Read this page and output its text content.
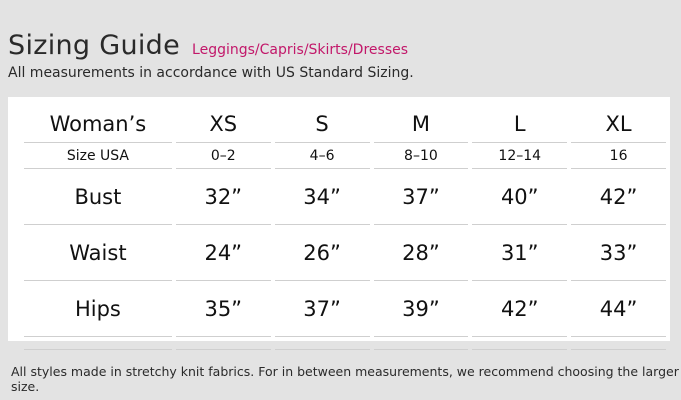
Sizing Guide Leggings/Capris/Skirts/Dresses
All measurements in accordance with US Standard Sizing.
Woman’s	XS	S	M	L	XL
Size USA	0–2	4–6	8–10	12–14	16
Bust	32”	34”	37”	40”	42”
Waist	24”	26”	28”	31”	33”
Hips	35”	37”	39”	42”	44”

All styles made in stretchy knit fabrics. For in between measurements, we recommend choosing the larger size.
